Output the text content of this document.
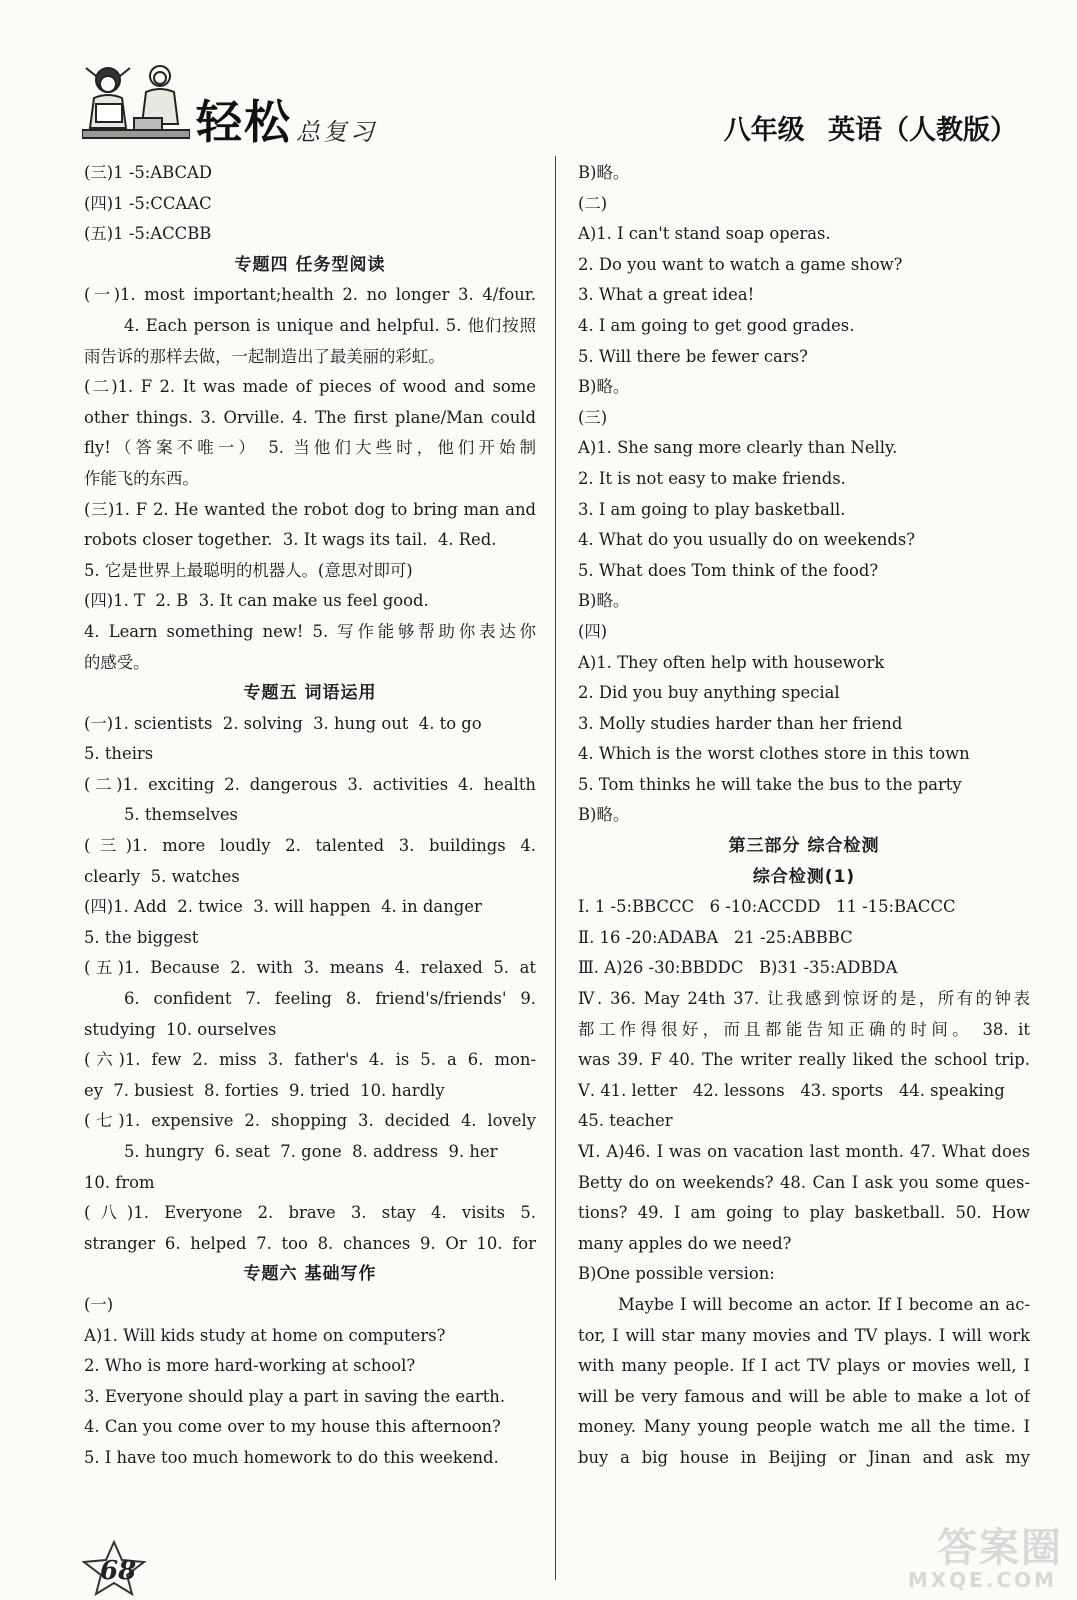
轻松 总复习	八年级 英语（人教版）
(三)1 -5:ABCAD
(四)1 -5:CCAAC
(五)1 -5:ACCBB
专题四 任务型阅读
(一)1. most important;health 2. no longer 3. 4/four.
4. Each person is unique and helpful. 5. 他们按照
雨告诉的那样去做，一起制造出了最美丽的彩虹。
(二)1. F 2. It was made of pieces of wood and some
other things. 3. Orville. 4. The first plane/Man could
fly!（答案不唯一） 5. 当他们大些时，他们开始制
作能飞的东西。
(三)1. F 2. He wanted the robot dog to bring man and
robots closer together.  3. It wags its tail.  4. Red.
5. 它是世界上最聪明的机器人。(意思对即可)
(四)1. T  2. B  3. It can make us feel good.
4. Learn something new! 5. 写作能够帮助你表达你
的感受。
专题五 词语运用
(一)1. scientists  2. solving  3. hung out  4. to go
5. theirs
(二)1. exciting 2. dangerous 3. activities 4. health
5. themselves
(三)1. more loudly 2. talented 3. buildings 4.
clearly  5. watches
(四)1. Add  2. twice  3. will happen  4. in danger
5. the biggest
(五)1. Because 2. with 3. means 4. relaxed 5. at
6. confident 7. feeling 8. friend's/friends' 9.
studying  10. ourselves
(六)1. few 2. miss 3. father's 4. is 5. a 6. mon-
ey  7. busiest  8. forties  9. tried  10. hardly
(七)1. expensive 2. shopping 3. decided 4. lovely
5. hungry  6. seat  7. gone  8. address  9. her
10. from
(八)1. Everyone 2. brave 3. stay 4. visits 5.
stranger 6. helped 7. too 8. chances 9. Or 10. for
专题六 基础写作
(一)
A)1. Will kids study at home on computers?
2. Who is more hard-working at school?
3. Everyone should play a part in saving the earth.
4. Can you come over to my house this afternoon?
5. I have too much homework to do this weekend.
B)略。
(二)
A)1. I can't stand soap operas.
2. Do you want to watch a game show?
3. What a great idea!
4. I am going to get good grades.
5. Will there be fewer cars?
B)略。
(三)
A)1. She sang more clearly than Nelly.
2. It is not easy to make friends.
3. I am going to play basketball.
4. What do you usually do on weekends?
5. What does Tom think of the food?
B)略。
(四)
A)1. They often help with housework
2. Did you buy anything special
3. Molly studies harder than her friend
4. Which is the worst clothes store in this town
5. Tom thinks he will take the bus to the party
B)略。
第三部分 综合检测
综合检测(1)
Ⅰ. 1 -5:BBCCC   6 -10:ACCDD   11 -15:BACCC
Ⅱ. 16 -20:ADABA   21 -25:ABBBC
Ⅲ. A)26 -30:BBDDC   B)31 -35:ADBDA
Ⅳ. 36. May 24th 37. 让我感到惊讶的是，所有的钟表
都工作得很好，而且都能告知正确的时间。 38. it
was 39. F 40. The writer really liked the school trip.
Ⅴ. 41. letter   42. lessons   43. sports   44. speaking
45. teacher
Ⅵ. A)46. I was on vacation last month. 47. What does
Betty do on weekends? 48. Can I ask you some ques-
tions? 49. I am going to play basketball. 50. How
many apples do we need?
B)One possible version:
Maybe I will become an actor. If I become an ac-
tor, I will star many movies and TV plays. I will work
with many people. If I act TV plays or movies well, I
will be very famous and will be able to make a lot of
money. Many young people watch me all the time. I
buy a big house in Beijing or Jinan and ask my
68	答案圈
MXQE.COM
